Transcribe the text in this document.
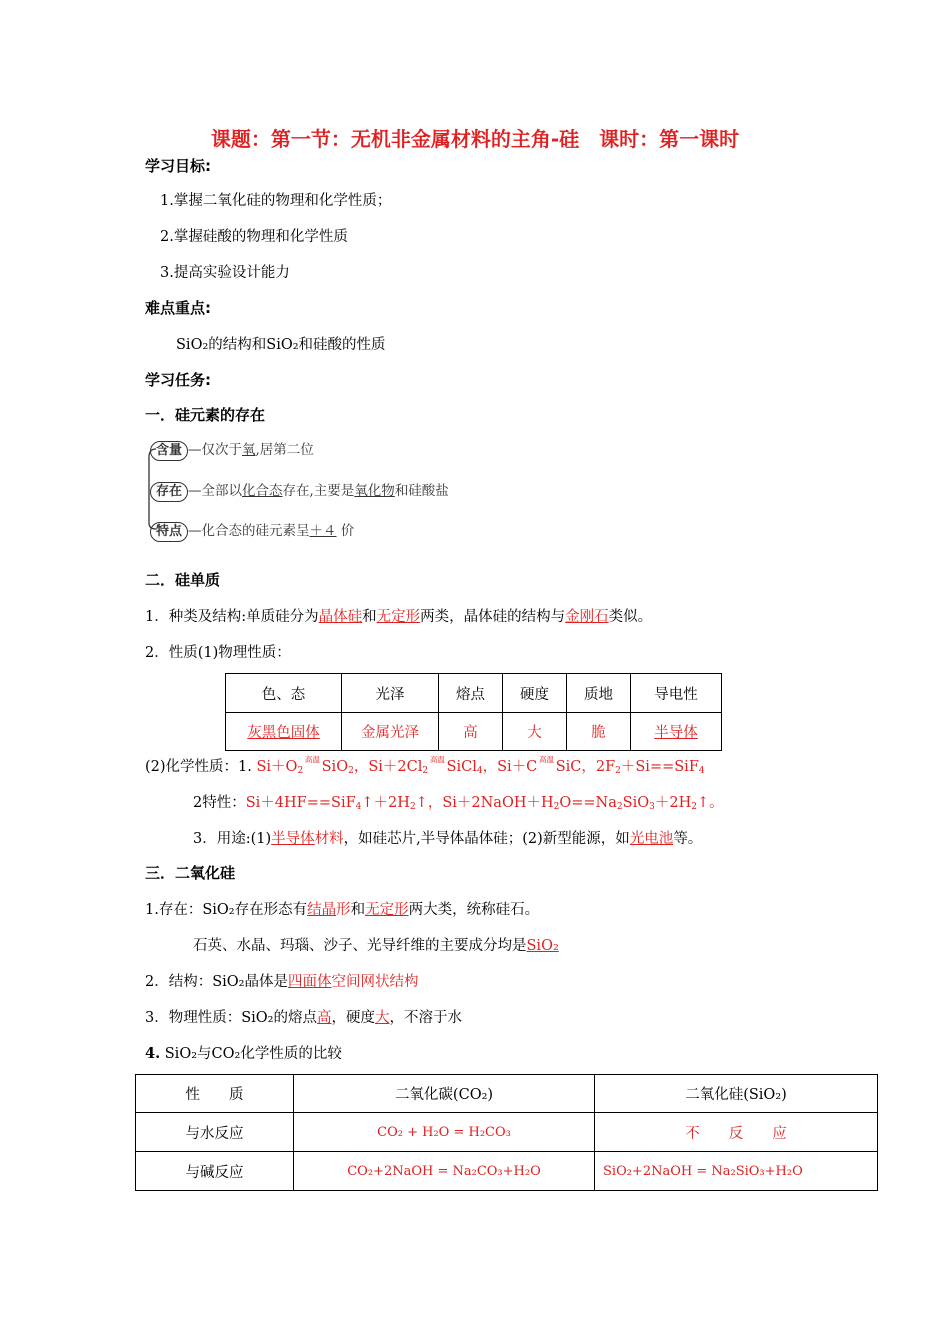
课题：第一节：无机非金属材料的主角-硅　课时：第一课时
学习目标:
1.掌握二氧化硅的物理和化学性质；
2.掌握硅酸的物理和化学性质
3.提高实验设计能力
难点重点:
SiO₂的结构和SiO₂和硅酸的性质
学习任务:
一．硅元素的存在
含量 —仅次于氧,居第二位
存在 —全部以化合态存在,主要是氧化物和硅酸盐
特点 —化合态的硅元素呈＋４ 价
二．硅单质
1．种类及结构:单质硅分为晶体硅和无定形两类，晶体硅的结构与金刚石类似。
2．性质(1)物理性质：
色、态	光泽	熔点	硬度	质地	导电性
灰黑色固体	金属光泽	高	大	脆	半导体
(2)化学性质：1. $Si+O_2$
高温 SiO$_2$，$Si+2Cl_2$
高温 SiCl$_4$，Si＋C 高温 SiC，$2F_2+Si==SiF_4$
2特性：$Si+4HF==SiF_4↑+2H_2↑$，$Si+2NaOH+H_2O==Na_2SiO_3+2H_2↑$。
3．用途:(1)半导体材料，如硅芯片,半导体晶体硅；(2)新型能源，如光电池等。
三．二氧化硅
1.存在：SiO₂存在形态有结晶形和无定形两大类，统称硅石。
石英、水晶、玛瑙、沙子、光导纤维的主要成分均是SiO₂
2．结构：SiO₂晶体是四面体空间网状结构
3．物理性质：SiO₂的熔点高，硬度大，不溶于水
4. SiO₂与CO₂化学性质的比较
性　　质	二氧化碳(CO₂)	二氧化硅(SiO₂)
与水反应	CO₂ + H₂O = H₂CO₃	不　　反　　应
与碱反应	CO₂+2NaOH = Na₂CO₃+H₂O	SiO₂+2NaOH = Na₂SiO₃+H₂O
